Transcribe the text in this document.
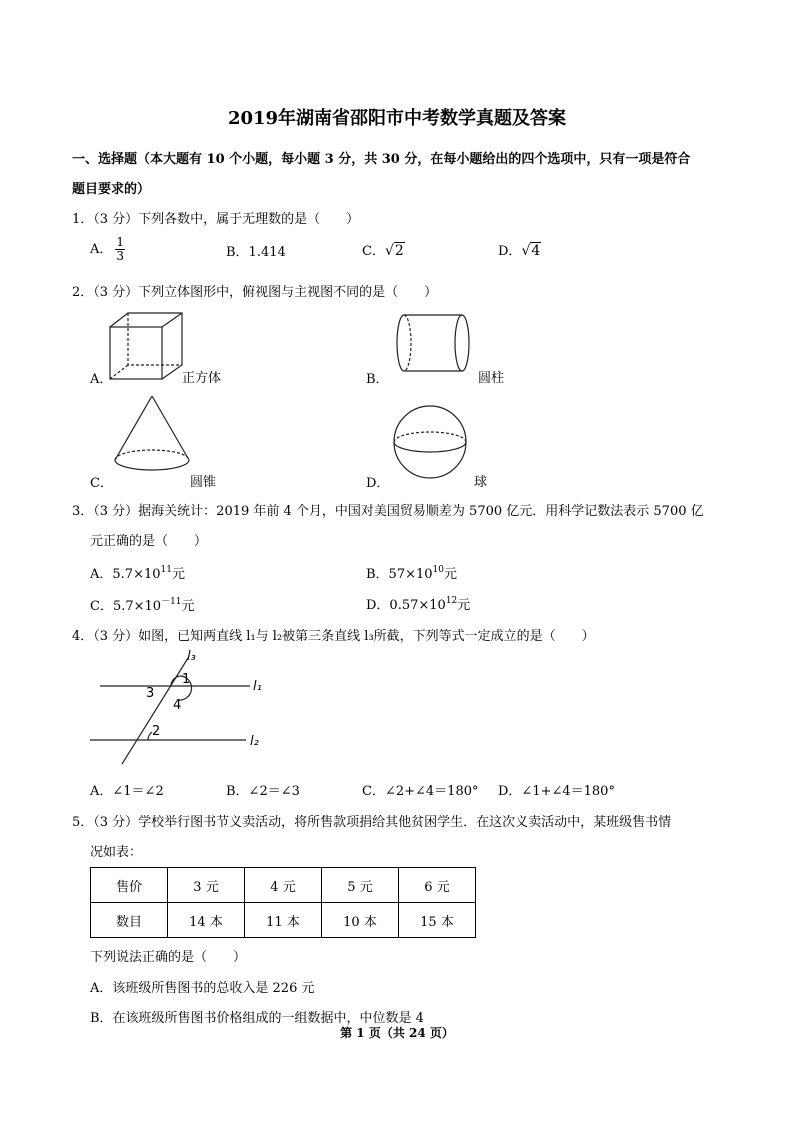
2019年湖南省邵阳市中考数学真题及答案
一、选择题（本大题有 10 个小题，每小题 3 分，共 30 分，在每小题给出的四个选项中，只有一项是符合
题目要求的）
1．（3 分）下列各数中，属于无理数的是（　　）
A． $\frac{1}{3}$	B．1.414	C．√2	D．√4
2．（3 分）下列立体图形中，俯视图与主视图不同的是（　　）
A．	正方体	B．	圆柱
C．	圆锥	D．	球
3．（3 分）据海关统计：2019 年前 4 个月，中国对美国贸易顺差为 5700 亿元．用科学记数法表示 5700 亿
元正确的是（　　）
A．$5.7\times 10^{11}$元	B．$57\times 10^{10}$元
C．$5.7\times 10^{-11}$元	D．$0.57\times 10^{12}$元
4．（3 分）如图，已知两直线 l₁与 l₂被第三条直线 l₃所截，下列等式一定成立的是（　　）
l₃
l₁
l₂
1
3
4
2
A．∠1＝∠2	B．∠2＝∠3	C．∠2+∠4＝180° D．∠1+∠4＝180°
5．（3 分）学校举行图书节义卖活动，将所售款项捐给其他贫困学生．在这次义卖活动中，某班级售书情
况如表：
售价	3 元	4 元	5 元	6 元
数目	14 本	11 本	10 本	15 本
下列说法正确的是（　　）
A．该班级所售图书的总收入是 226 元
B．在该班级所售图书价格组成的一组数据中，中位数是 4
第 1 页（共 24 页）
